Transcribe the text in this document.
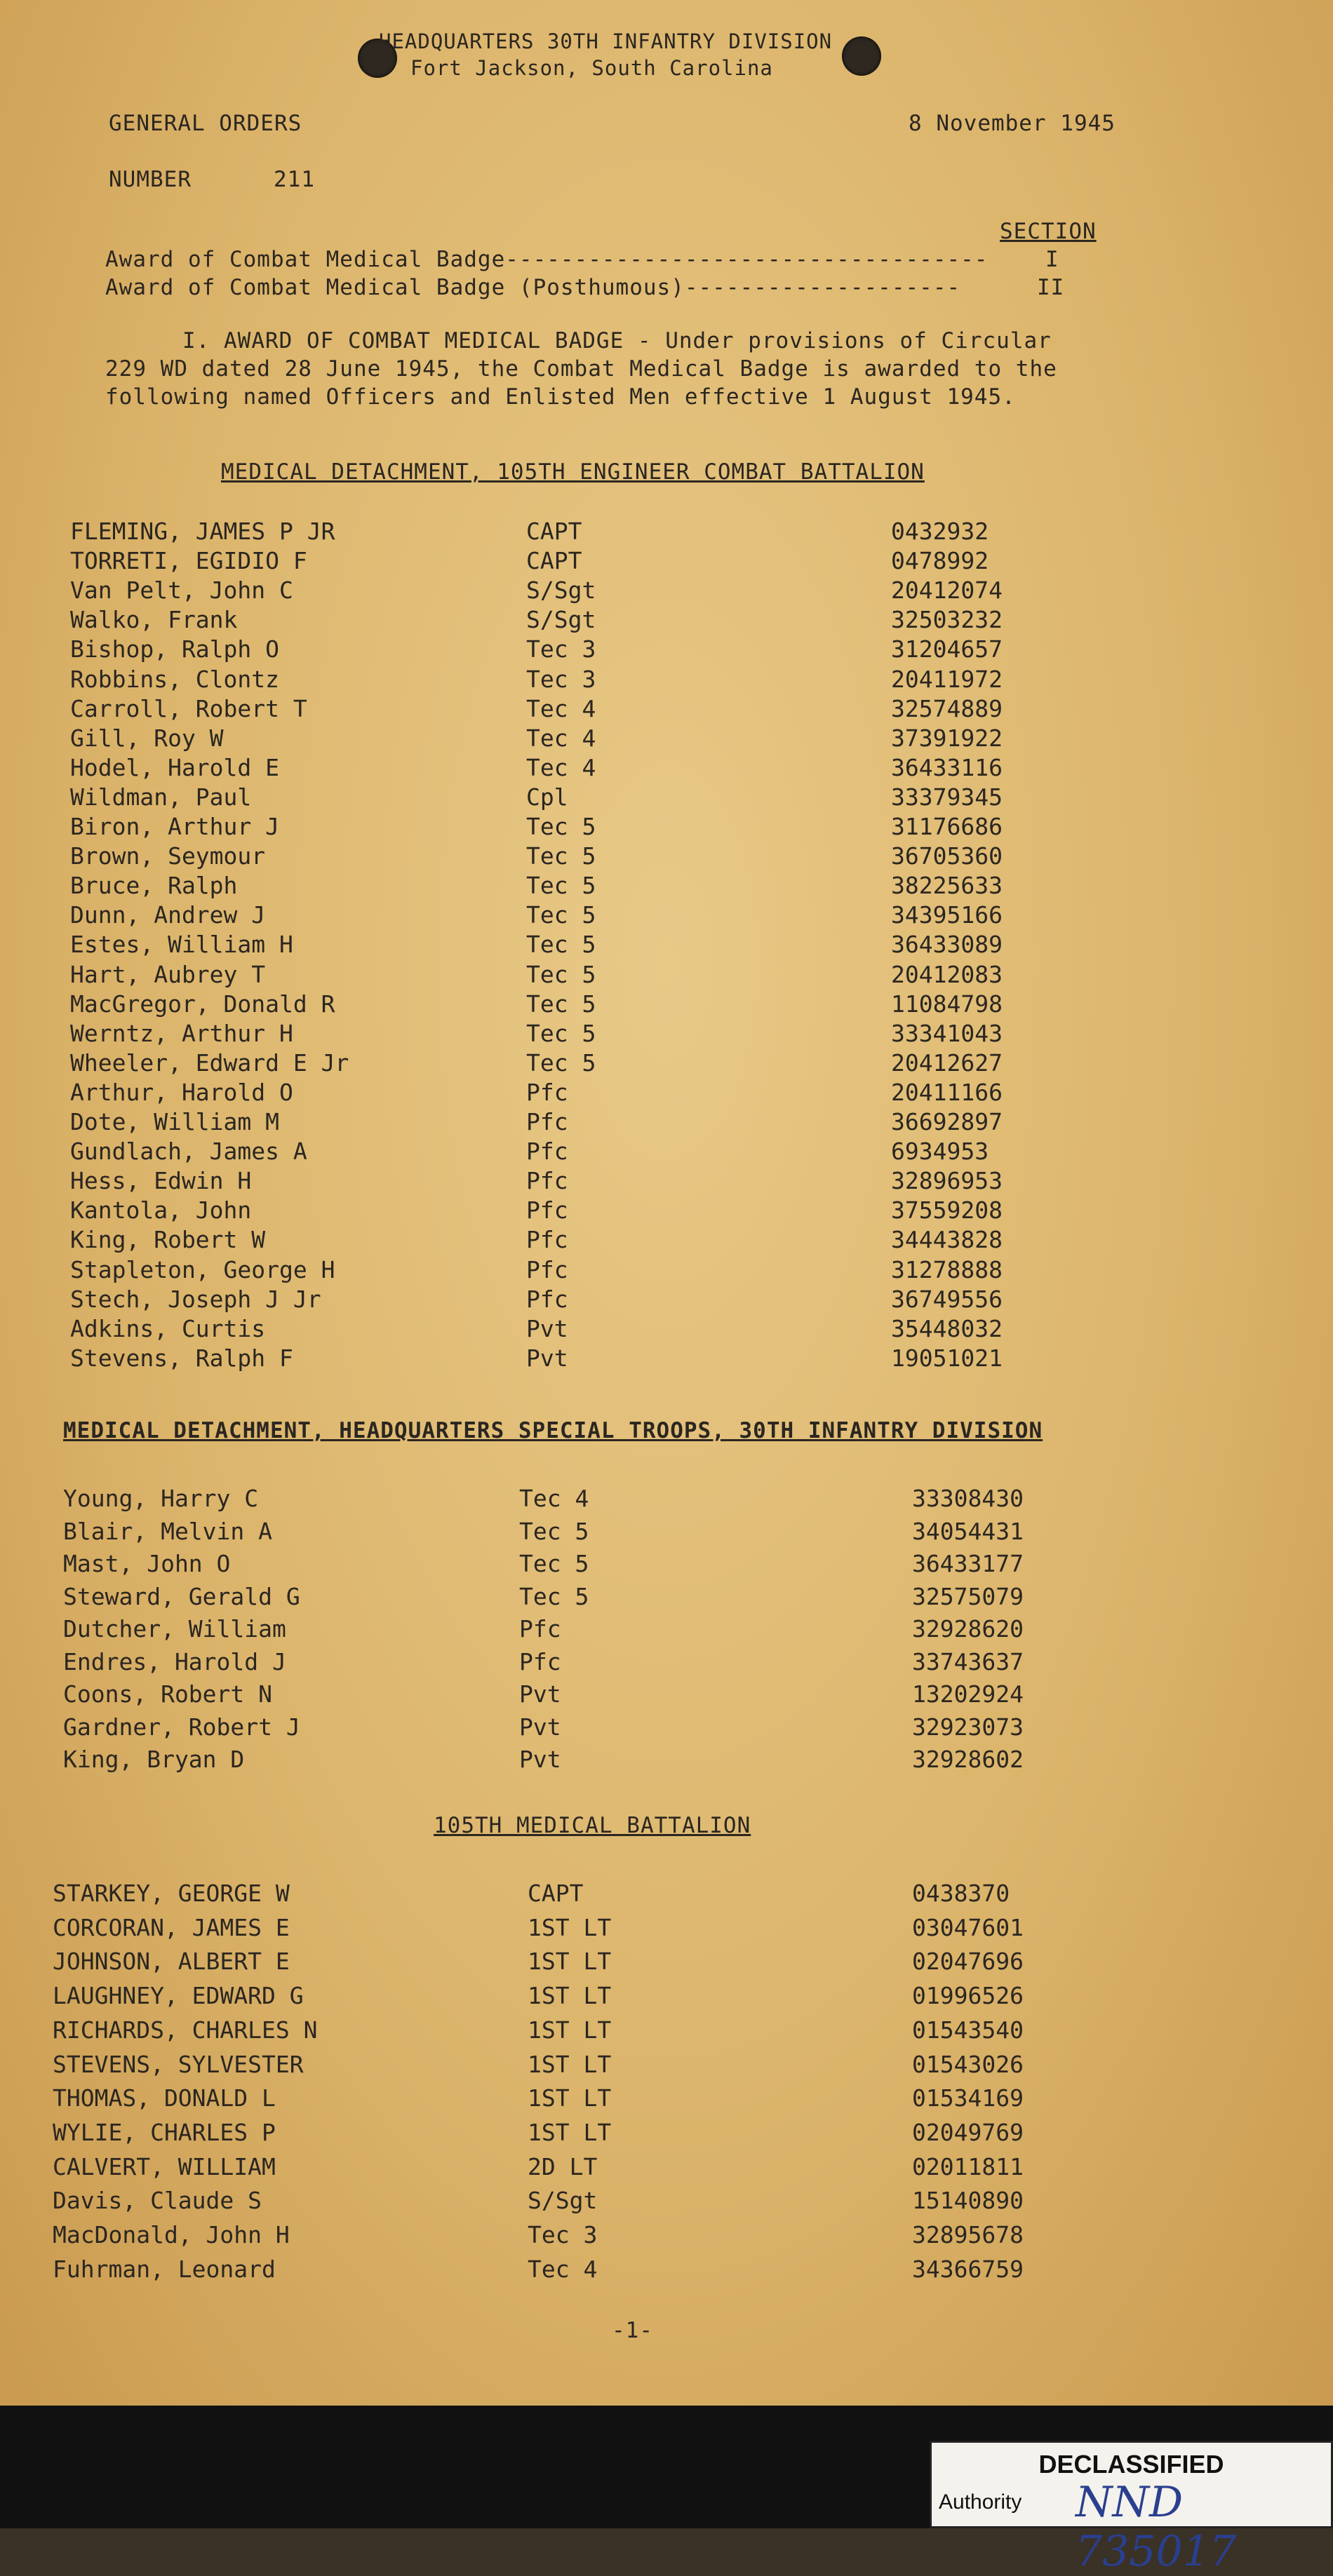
HEADQUARTERS 30TH INFANTRY DIVISION
Fort Jackson, South Carolina
GENERAL ORDERS	8 November 1945
NUMBER	211
SECTION
Award of Combat Medical Badge-----------------------------------	I
Award of Combat Medical Badge (Posthumous)--------------------	II
I. AWARD OF COMBAT MEDICAL BADGE - Under provisions of Circular
229 WD dated 28 June 1945, the Combat Medical Badge is awarded to the
following named Officers and Enlisted Men effective 1 August 1945.
MEDICAL DETACHMENT, 105TH ENGINEER COMBAT BATTALION
FLEMING, JAMES P JR	CAPT	0432932
TORRETI, EGIDIO F	CAPT	0478992
Van Pelt, John C	S/Sgt	20412074
Walko, Frank	S/Sgt	32503232
Bishop, Ralph O	Tec 3	31204657
Robbins, Clontz	Tec 3	20411972
Carroll, Robert T	Tec 4	32574889
Gill, Roy W	Tec 4	37391922
Hodel, Harold E	Tec 4	36433116
Wildman, Paul	Cpl	33379345
Biron, Arthur J	Tec 5	31176686
Brown, Seymour	Tec 5	36705360
Bruce, Ralph	Tec 5	38225633
Dunn, Andrew J	Tec 5	34395166
Estes, William H	Tec 5	36433089
Hart, Aubrey T	Tec 5	20412083
MacGregor, Donald R	Tec 5	11084798
Werntz, Arthur H	Tec 5	33341043
Wheeler, Edward E Jr	Tec 5	20412627
Arthur, Harold O	Pfc	20411166
Dote, William M	Pfc	36692897
Gundlach, James A	Pfc	6934953
Hess, Edwin H	Pfc	32896953
Kantola, John	Pfc	37559208
King, Robert W	Pfc	34443828
Stapleton, George H	Pfc	31278888
Stech, Joseph J Jr	Pfc	36749556
Adkins, Curtis	Pvt	35448032
Stevens, Ralph F	Pvt	19051021
MEDICAL DETACHMENT, HEADQUARTERS SPECIAL TROOPS, 30TH INFANTRY DIVISION
Young, Harry C	Tec 4	33308430
Blair, Melvin A	Tec 5	34054431
Mast, John O	Tec 5	36433177
Steward, Gerald G	Tec 5	32575079
Dutcher, William	Pfc	32928620
Endres, Harold J	Pfc	33743637
Coons, Robert N	Pvt	13202924
Gardner, Robert J	Pvt	32923073
King, Bryan D	Pvt	32928602
105TH MEDICAL BATTALION
STARKEY, GEORGE W	CAPT	0438370
CORCORAN, JAMES E	1ST LT	03047601
JOHNSON, ALBERT E	1ST LT	02047696
LAUGHNEY, EDWARD G	1ST LT	01996526
RICHARDS, CHARLES N	1ST LT	01543540
STEVENS, SYLVESTER	1ST LT	01543026
THOMAS, DONALD L	1ST LT	01534169
WYLIE, CHARLES P	1ST LT	02049769
CALVERT, WILLIAM	2D LT	02011811
Davis, Claude S	S/Sgt	15140890
MacDonald, John H	Tec 3	32895678
Fuhrman, Leonard	Tec 4	34366759
-1-
DECLASSIFIED
Authority NND 735017
